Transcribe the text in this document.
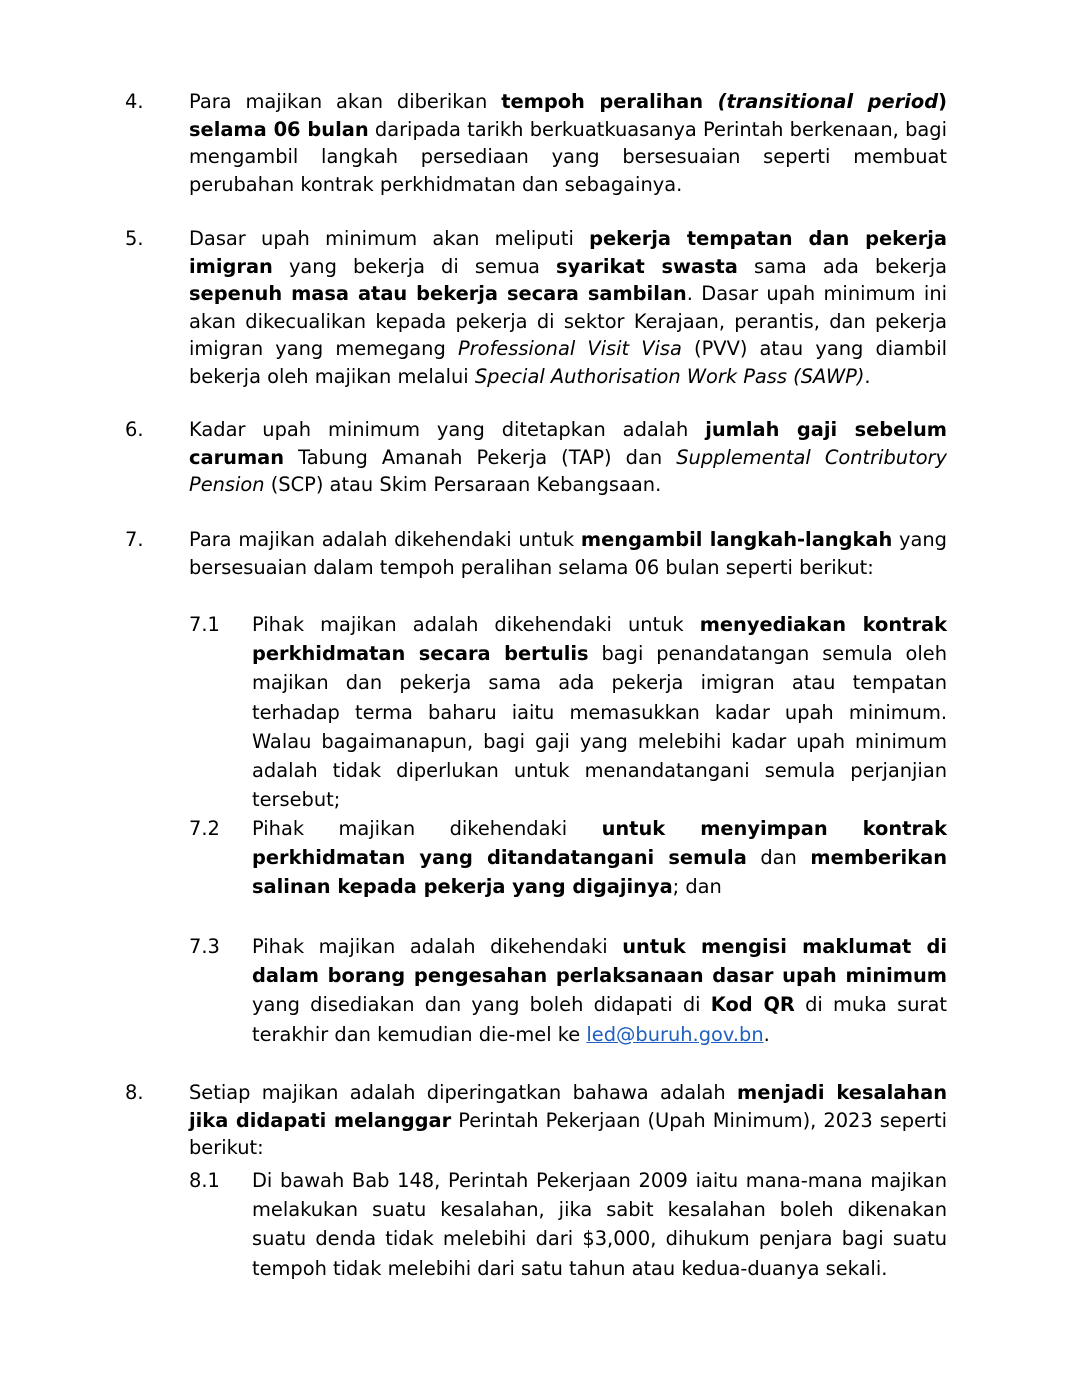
4. Para majikan akan diberikan tempoh peralihan (transitional period) selama 06 bulan daripada tarikh berkuatkuasanya Perintah berkenaan, bagi mengambil langkah persediaan yang bersesuaian seperti membuat perubahan kontrak perkhidmatan dan sebagainya.
5. Dasar upah minimum akan meliputi pekerja tempatan dan pekerja imigran yang bekerja di semua syarikat swasta sama ada bekerja sepenuh masa atau bekerja secara sambilan. Dasar upah minimum ini akan dikecualikan kepada pekerja di sektor Kerajaan, perantis, dan pekerja imigran yang memegang Professional Visit Visa (PVV) atau yang diambil bekerja oleh majikan melalui Special Authorisation Work Pass (SAWP).
6. Kadar upah minimum yang ditetapkan adalah jumlah gaji sebelum caruman Tabung Amanah Pekerja (TAP) dan Supplemental Contributory Pension (SCP) atau Skim Persaraan Kebangsaan.
7. Para majikan adalah dikehendaki untuk mengambil langkah-langkah yang bersesuaian dalam tempoh peralihan selama 06 bulan seperti berikut:
7.1 Pihak majikan adalah dikehendaki untuk menyediakan kontrak perkhidmatan secara bertulis bagi penandatangan semula oleh majikan dan pekerja sama ada pekerja imigran atau tempatan terhadap terma baharu iaitu memasukkan kadar upah minimum. Walau bagaimanapun, bagi gaji yang melebihi kadar upah minimum adalah tidak diperlukan untuk menandatangani semula perjanjian tersebut;
7.2 Pihak majikan dikehendaki untuk menyimpan kontrak perkhidmatan yang ditandatangani semula dan memberikan salinan kepada pekerja yang digajinya; dan
7.3 Pihak majikan adalah dikehendaki untuk mengisi maklumat di dalam borang pengesahan perlaksanaan dasar upah minimum yang disediakan dan yang boleh didapati di Kod QR di muka surat terakhir dan kemudian die-mel ke led@buruh.gov.bn.
8. Setiap majikan adalah diperingatkan bahawa adalah menjadi kesalahan jika didapati melanggar Perintah Pekerjaan (Upah Minimum), 2023 seperti berikut:
8.1 Di bawah Bab 148, Perintah Pekerjaan 2009 iaitu mana-mana majikan melakukan suatu kesalahan, jika sabit kesalahan boleh dikenakan suatu denda tidak melebihi dari $3,000, dihukum penjara bagi suatu tempoh tidak melebihi dari satu tahun atau kedua-duanya sekali.
